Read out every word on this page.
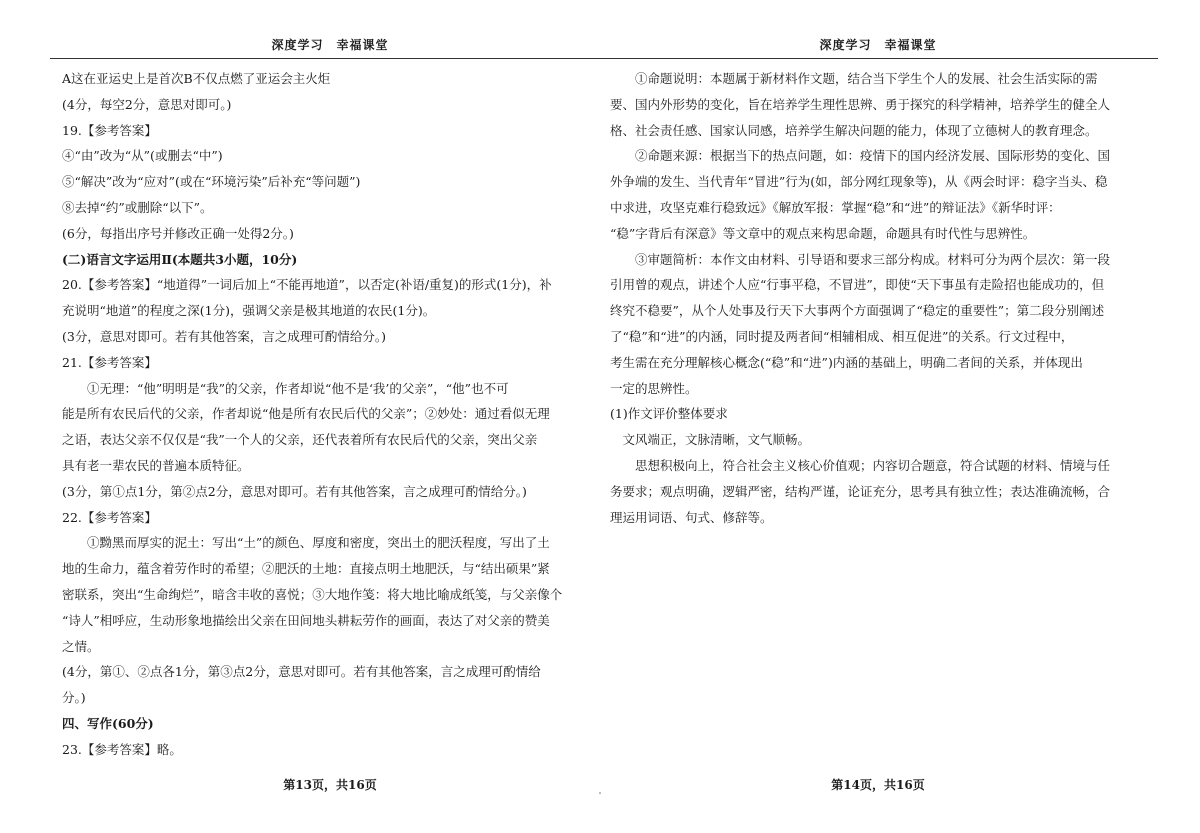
深度学习　幸福课堂
A这在亚运史上是首次B不仅点燃了亚运会主火炬
(4分，每空2分，意思对即可。)
19.【参考答案】
④“由”改为“从”(或删去“中”)
⑤“解决”改为“应对”(或在“环境污染”后补充“等问题”)
⑧去掉“约”或删除“以下”。
(6分，每指出序号并修改正确一处得2分。)
(二)语言文字运用Ⅱ(本题共3小题，10分)
20.【参考答案】“地道得”一词后加上“不能再地道”，以否定(补语/重复)的形式(1分)，补
充说明“地道”的程度之深(1分)，强调父亲是极其地道的农民(1分)。
(3分，意思对即可。若有其他答案，言之成理可酌情给分。)
21.【参考答案】
①无理：“他”明明是“我”的父亲，作者却说“他不是‘我’的父亲”，“他”也不可
能是所有农民后代的父亲，作者却说“他是所有农民后代的父亲”；②妙处：通过看似无理
之语，表达父亲不仅仅是“我”一个人的父亲，还代表着所有农民后代的父亲，突出父亲
具有老一辈农民的普遍本质特征。
(3分，第①点1分，第②点2分，意思对即可。若有其他答案，言之成理可酌情给分。)
22.【参考答案】
①黝黑而厚实的泥土：写出“土”的颜色、厚度和密度，突出土的肥沃程度，写出了土
地的生命力，蕴含着劳作时的希望；②肥沃的土地：直接点明土地肥沃，与“结出硕果”紧
密联系，突出“生命绚烂”，暗含丰收的喜悦；③大地作笺：将大地比喻成纸笺，与父亲像个
“诗人”相呼应，生动形象地描绘出父亲在田间地头耕耘劳作的画面，表达了对父亲的赞美
之情。
(4分，第①、②点各1分，第③点2分，意思对即可。若有其他答案，言之成理可酌情给
分。)
四、写作(60分)
23.【参考答案】略。
第13页，共16页
深度学习　幸福课堂
①命题说明：本题属于新材料作文题，结合当下学生个人的发展、社会生活实际的需
要、国内外形势的变化，旨在培养学生理性思辨、勇于探究的科学精神，培养学生的健全人
格、社会责任感、国家认同感，培养学生解决问题的能力，体现了立德树人的教育理念。
②命题来源：根据当下的热点问题，如：疫情下的国内经济发展、国际形势的变化、国
外争端的发生、当代青年“冒进”行为(如，部分网红现象等)，从《两会时评：稳字当头、稳
中求进，攻坚克难行稳致远》《解放军报：掌握“稳”和“进”的辩证法》《新华时评：
“稳”字背后有深意》等文章中的观点来构思命题，命题具有时代性与思辨性。
③审题简析：本作文由材料、引导语和要求三部分构成。材料可分为两个层次：第一段
引用曾的观点，讲述个人应“行事平稳，不冒进”，即使“天下事虽有走险招也能成功的，但
终究不稳要”，从个人处事及行天下大事两个方面强调了“稳定的重要性”；第二段分别阐述
了“稳”和“进”的内涵，同时提及两者间“相辅相成、相互促进”的关系。行文过程中，
考生需在充分理解核心概念(“稳”和“进”)内涵的基础上，明确二者间的关系，并体现出
一定的思辨性。
(1)作文评价整体要求
文风端正，文脉清晰，文气顺畅。
思想积极向上，符合社会主义核心价值观；内容切合题意，符合试题的材料、情境与任
务要求；观点明确，逻辑严密，结构严谨，论证充分，思考具有独立性；表达准确流畅，合
理运用词语、句式、修辞等。
第14页，共16页
